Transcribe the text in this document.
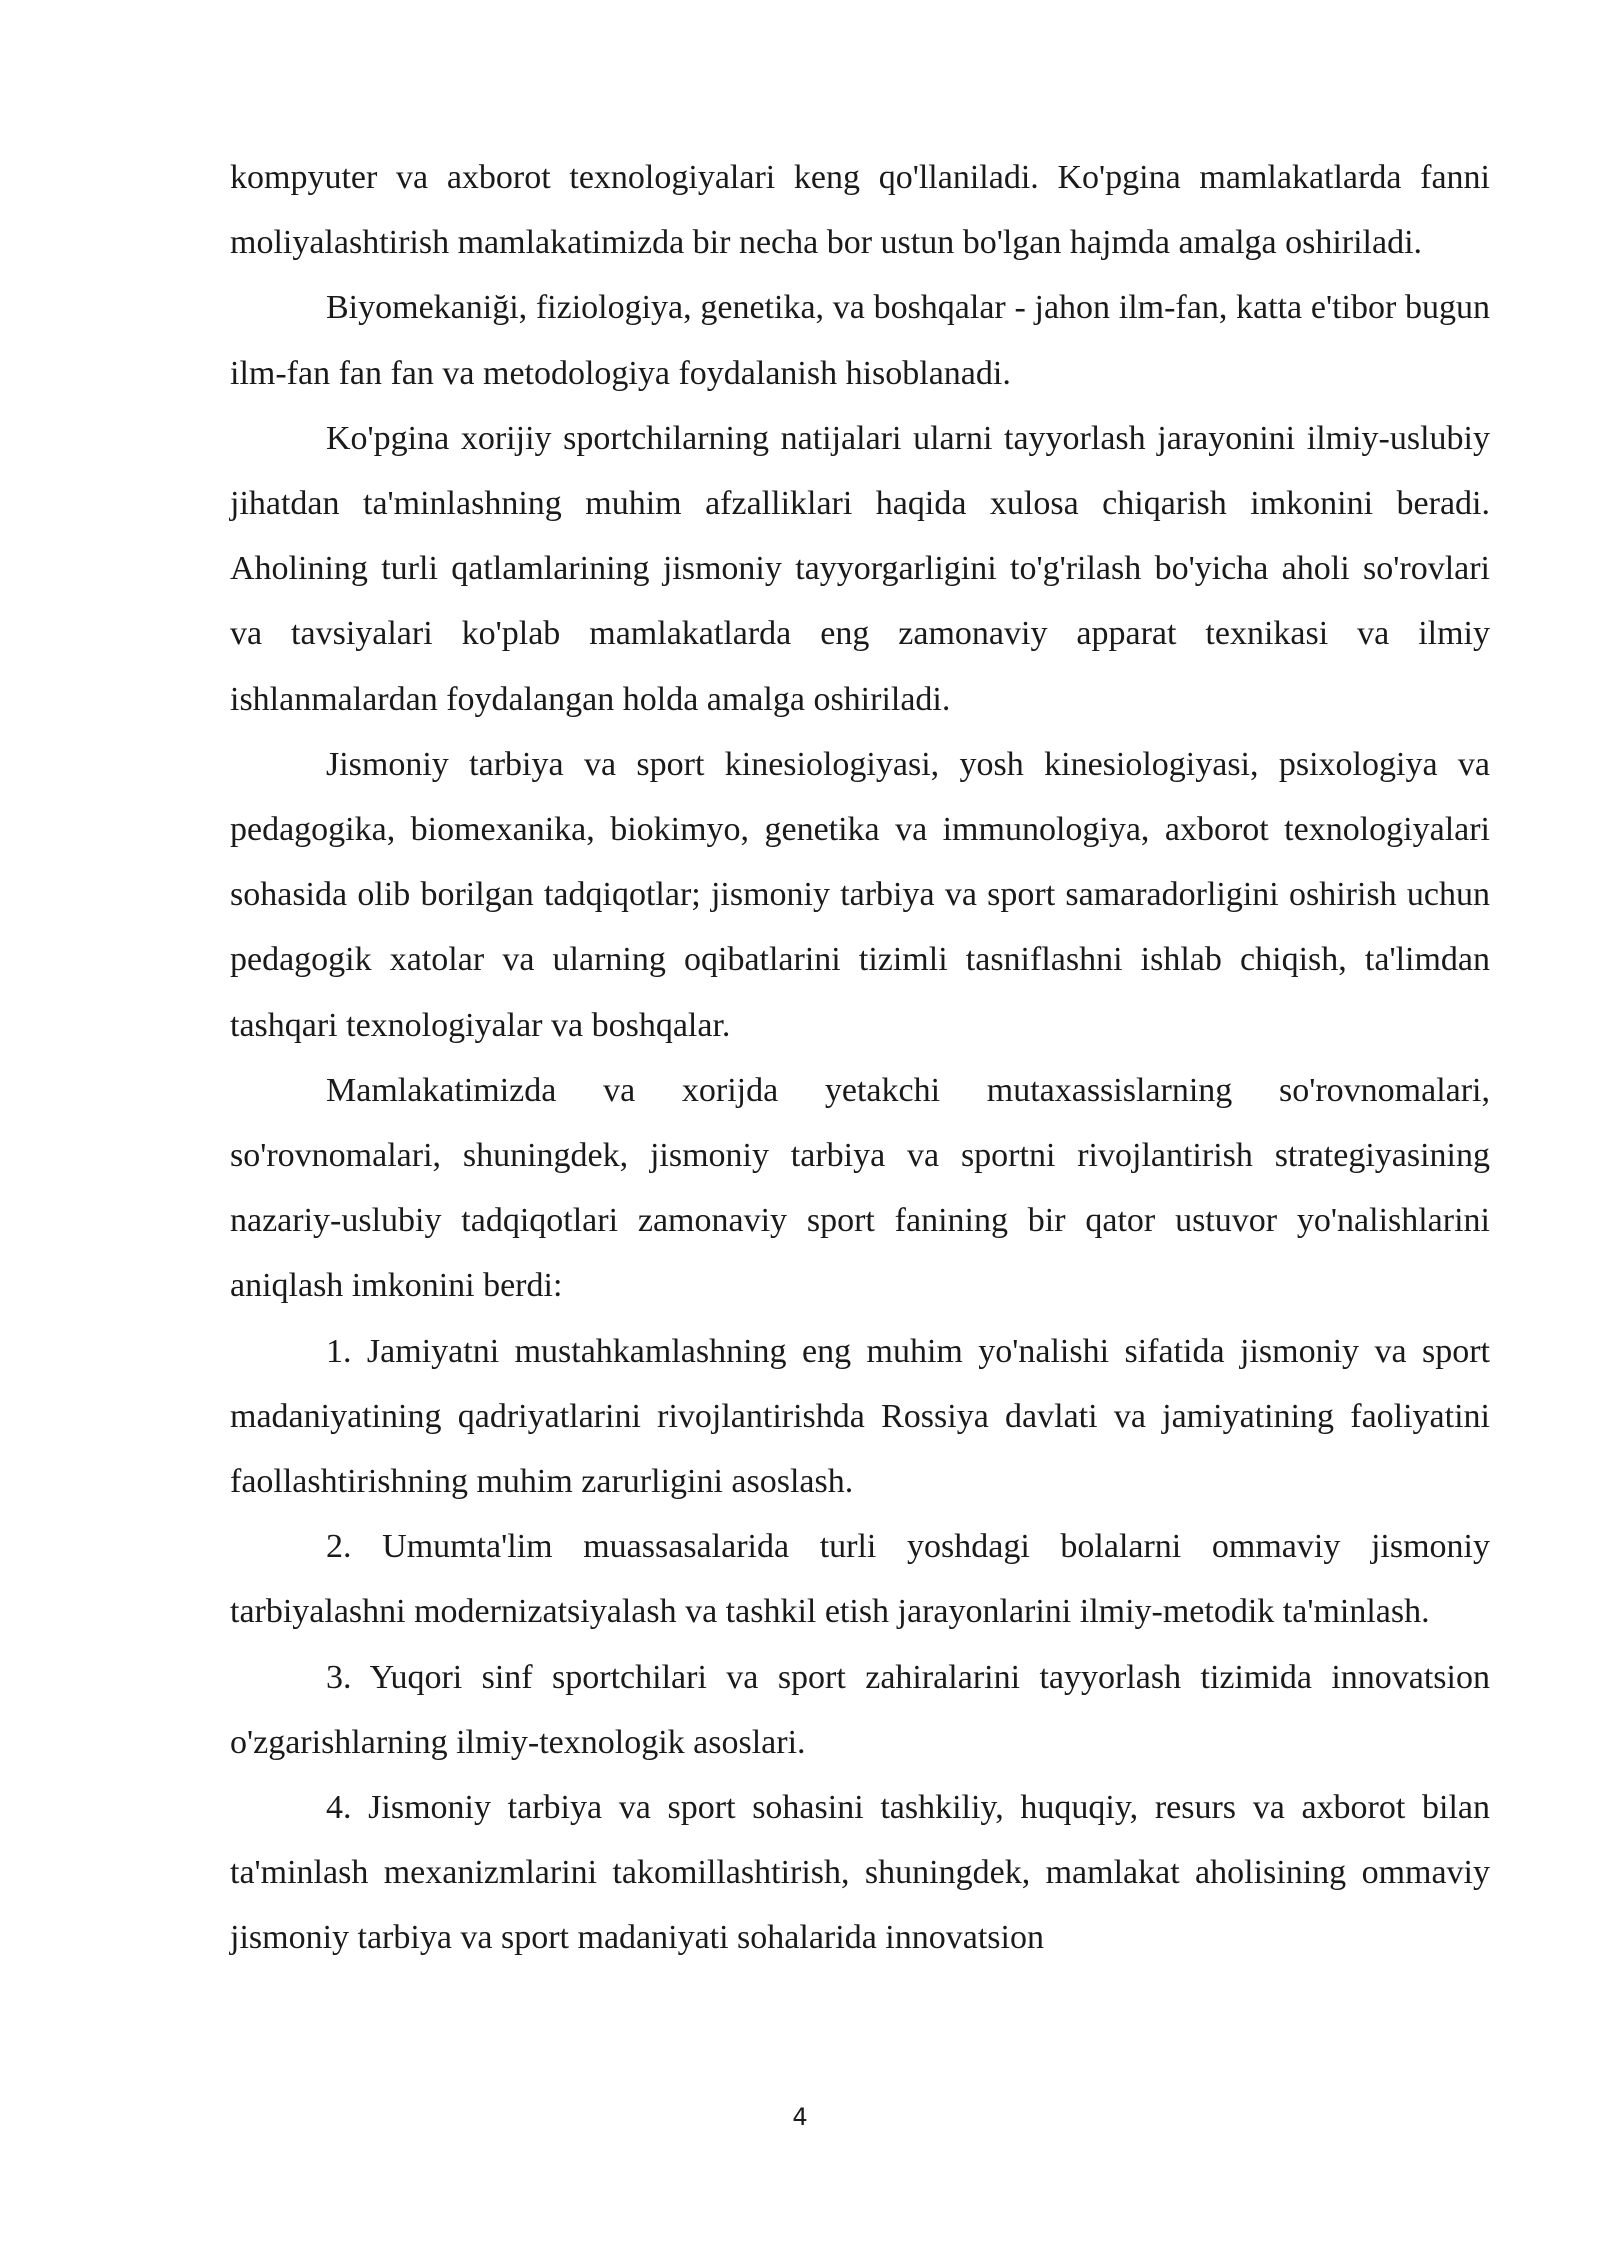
kompyuter va axborot texnologiyalari keng qo'llaniladi. Ko'pgina mamlakatlarda fanni moliyalashtirish mamlakatimizda bir necha bor ustun bo'lgan hajmda amalga oshiriladi.

Biyomekaniği, fiziologiya, genetika, va boshqalar - jahon ilm-fan, katta e'tibor bugun ilm-fan fan fan va metodologiya foydalanish hisoblanadi.

Ko'pgina xorijiy sportchilarning natijalari ularni tayyorlash jarayonini ilmiy-uslubiy jihatdan ta'minlashning muhim afzalliklari haqida xulosa chiqarish imkonini beradi. Aholining turli qatlamlarining jismoniy tayyorgarligini to'g'rilash bo'yicha aholi so'rovlari va tavsiyalari ko'plab mamlakatlarda eng zamonaviy apparat texnikasi va ilmiy ishlanmalardan foydalangan holda amalga oshiriladi.

Jismoniy tarbiya va sport kinesiologiyasi, yosh kinesiologiyasi, psixologiya va pedagogika, biomexanika, biokimyo, genetika va immunologiya, axborot texnologiyalari sohasida olib borilgan tadqiqotlar; jismoniy tarbiya va sport samaradorligini oshirish uchun pedagogik xatolar va ularning oqibatlarini tizimli tasniflashni ishlab chiqish, ta'limdan tashqari texnologiyalar va boshqalar.

Mamlakatimizda va xorijda yetakchi mutaxassislarning so'rovnomalari, so'rovnomalari, shuningdek, jismoniy tarbiya va sportni rivojlantirish strategiyasining nazariy-uslubiy tadqiqotlari zamonaviy sport fanining bir qator ustuvor yo'nalishlarini aniqlash imkonini berdi:

1. Jamiyatni mustahkamlashning eng muhim yo'nalishi sifatida jismoniy va sport madaniyatining qadriyatlarini rivojlantirishda Rossiya davlati va jamiyatining faoliyatini faollashtirishning muhim zarurligini asoslash.

2. Umumta'lim muassasalarida turli yoshdagi bolalarni ommaviy jismoniy tarbiyalashni modernizatsiyalash va tashkil etish jarayonlarini ilmiy-metodik ta'minlash.

3. Yuqori sinf sportchilari va sport zahiralarini tayyorlash tizimida innovatsion o'zgarishlarning ilmiy-texnologik asoslari.

4. Jismoniy tarbiya va sport sohasini tashkiliy, huquqiy, resurs va axborot bilan ta'minlash mexanizmlarini takomillashtirish, shuningdek, mamlakat aholisining ommaviy jismoniy tarbiya va sport madaniyati sohalarida innovatsion

4
